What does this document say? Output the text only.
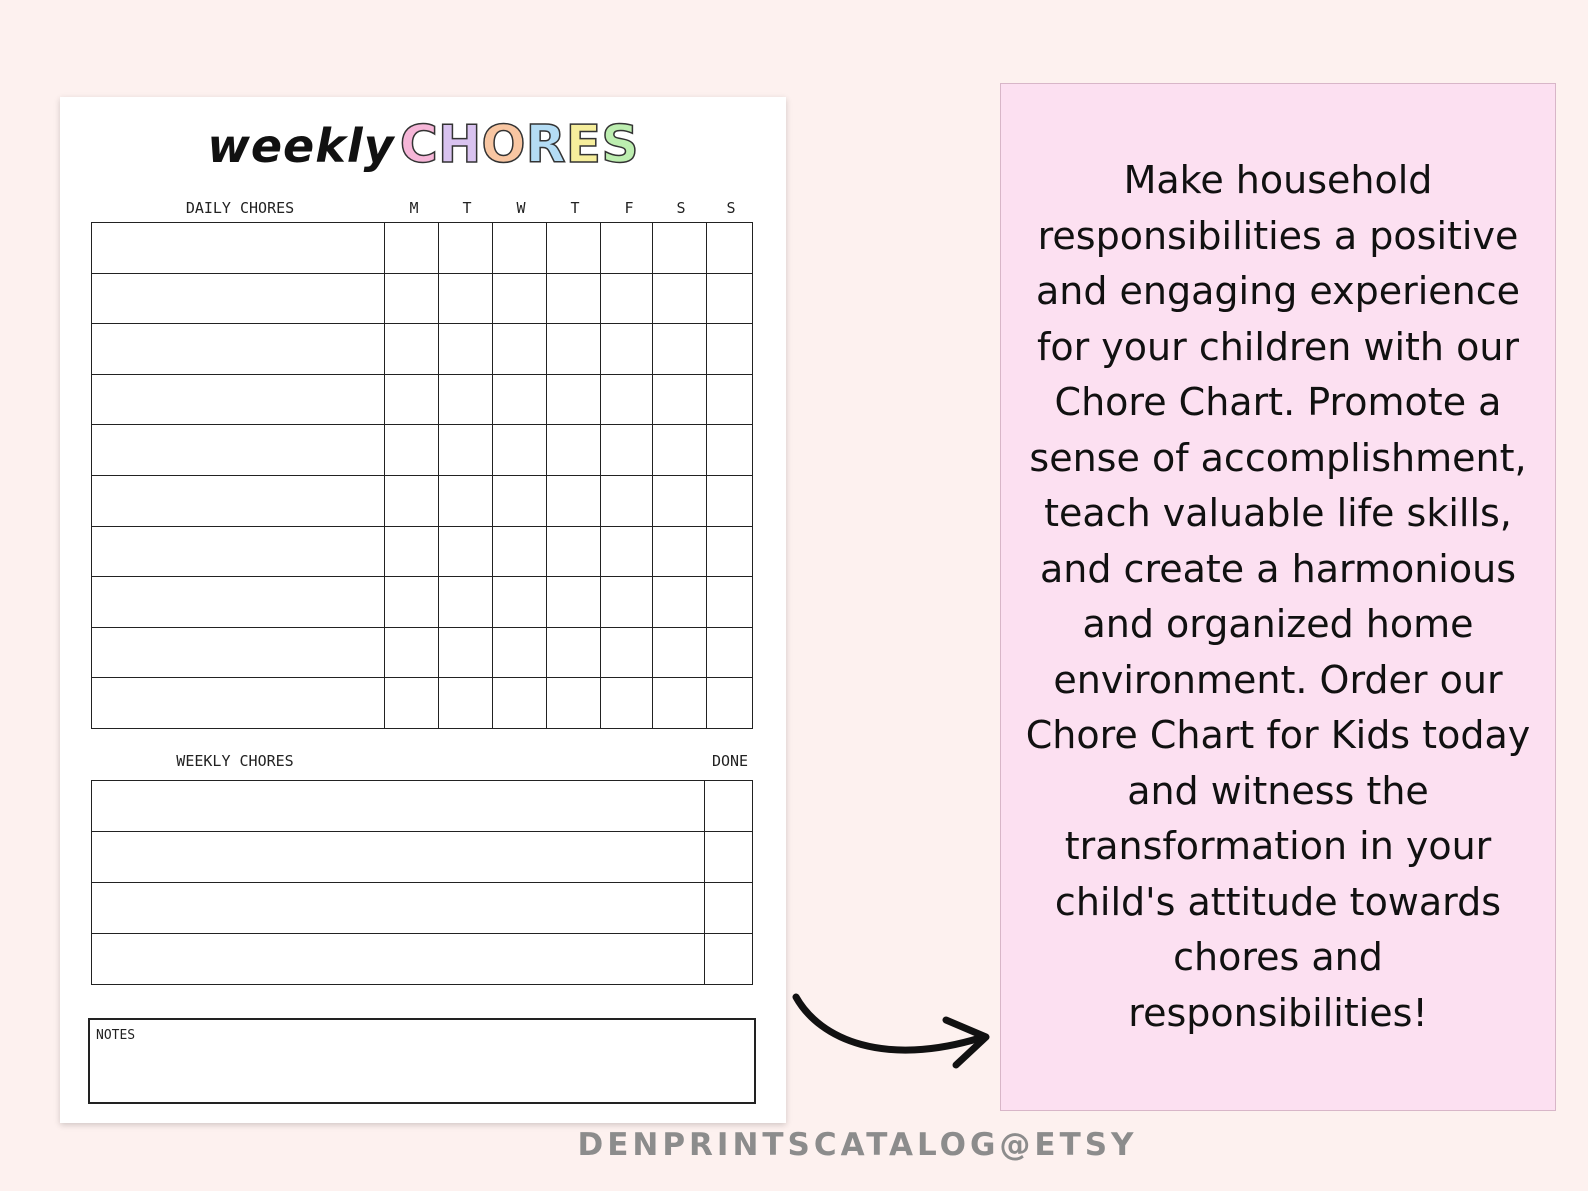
weekly CHORES
DAILY CHORES	M	T	W	T	F	S	S

WEEKLY CHORES	DONE

NOTES
Make household responsibilities a positive and engaging experience for your children with our Chore Chart. Promote a sense of accomplishment, teach valuable life skills, and create a harmonious and organized home environment. Order our Chore Chart for Kids today and witness the transformation in your child's attitude towards chores and responsibilities!
DENPRINTSCATALOG@ETSY
